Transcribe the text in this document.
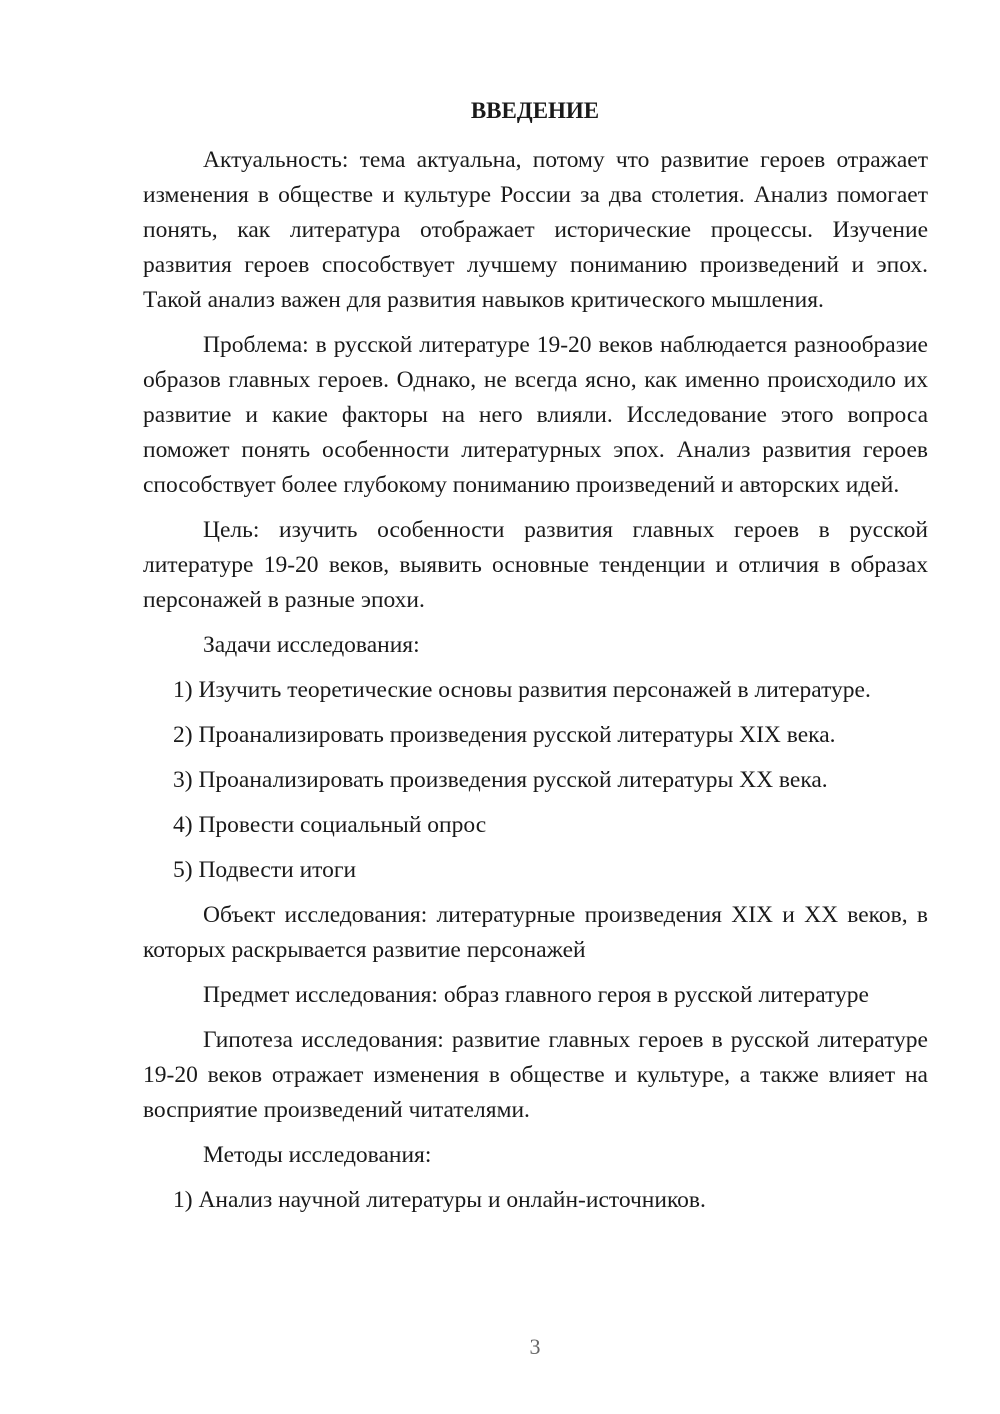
ВВЕДЕНИЕ

Актуальность: тема актуальна, потому что развитие героев отражает изменения в обществе и культуре России за два столетия. Анализ помогает понять, как литература отображает исторические процессы. Изучение развития героев способствует лучшему пониманию произведений и эпох. Такой анализ важен для развития навыков критического мышления.

Проблема: в русской литературе 19-20 веков наблюдается разнообразие образов главных героев. Однако, не всегда ясно, как именно происходило их развитие и какие факторы на него влияли. Исследование этого вопроса поможет понять особенности литературных эпох. Анализ развития героев способствует более глубокому пониманию произведений и авторских идей.

Цель: изучить особенности развития главных героев в русской литературе 19-20 веков, выявить основные тенденции и отличия в образах персонажей в разные эпохи.

Задачи исследования:

1) Изучить теоретические основы развития персонажей в литературе.

2) Проанализировать произведения русской литературы XIX века.

3) Проанализировать произведения русской литературы XX века.

4) Провести социальный опрос

5) Подвести итоги

Объект исследования: литературные произведения XIX и XX веков, в которых раскрывается развитие персонажей

Предмет исследования: образ главного героя в русской литературе

Гипотеза исследования: развитие главных героев в русской литературе 19-20 веков отражает изменения в обществе и культуре, а также влияет на восприятие произведений читателями.

Методы исследования:

1) Анализ научной литературы и онлайн-источников.

3
